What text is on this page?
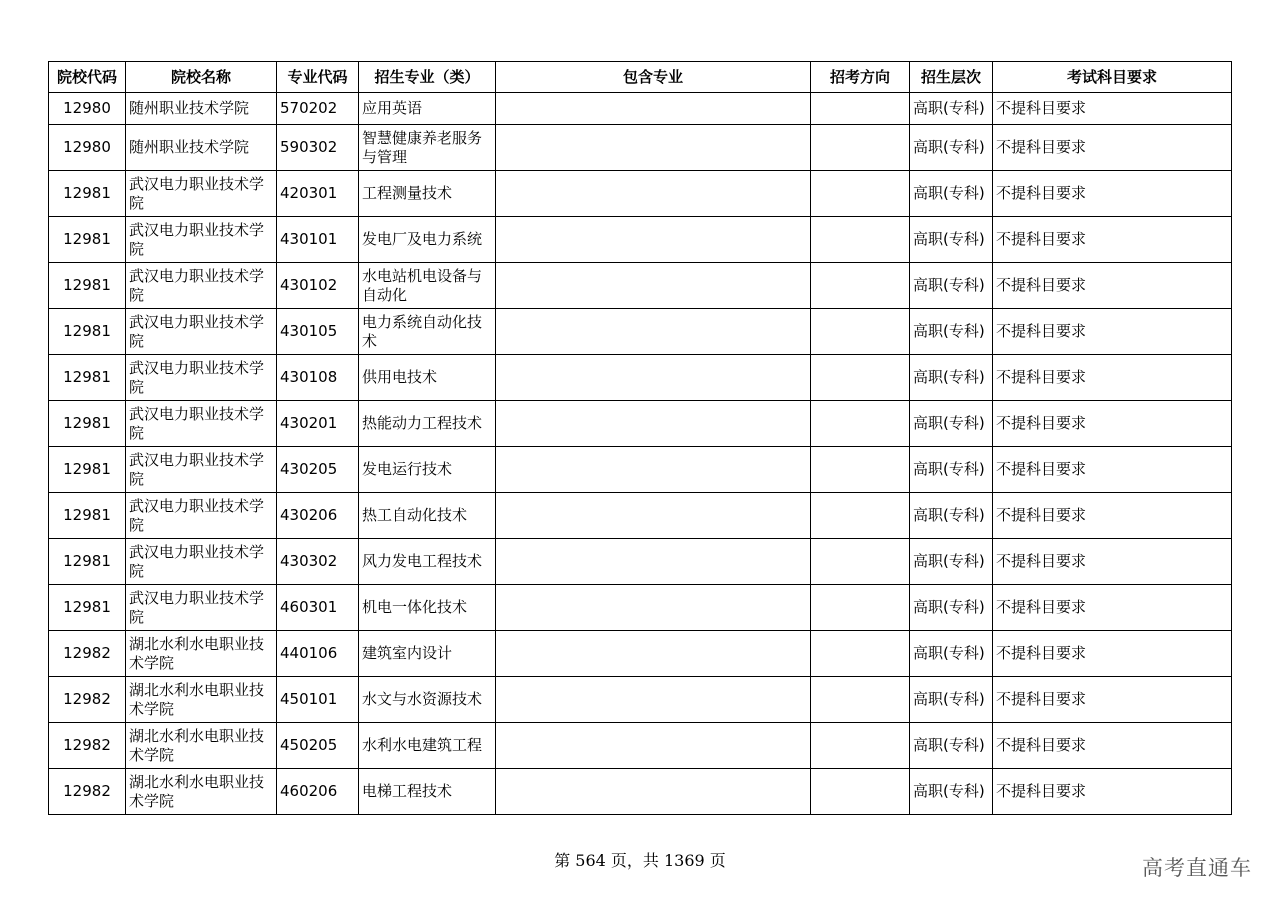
院校代码	院校名称	专业代码	招生专业（类）	包含专业	招考方向	招生层次	考试科目要求
12980	随州职业技术学院	570202	应用英语			高职(专科)	不提科目要求
12980	随州职业技术学院	590302	智慧健康养老服务与管理			高职(专科)	不提科目要求
12981	武汉电力职业技术学院	420301	工程测量技术			高职(专科)	不提科目要求
12981	武汉电力职业技术学院	430101	发电厂及电力系统			高职(专科)	不提科目要求
12981	武汉电力职业技术学院	430102	水电站机电设备与自动化			高职(专科)	不提科目要求
12981	武汉电力职业技术学院	430105	电力系统自动化技术			高职(专科)	不提科目要求
12981	武汉电力职业技术学院	430108	供用电技术			高职(专科)	不提科目要求
12981	武汉电力职业技术学院	430201	热能动力工程技术			高职(专科)	不提科目要求
12981	武汉电力职业技术学院	430205	发电运行技术			高职(专科)	不提科目要求
12981	武汉电力职业技术学院	430206	热工自动化技术			高职(专科)	不提科目要求
12981	武汉电力职业技术学院	430302	风力发电工程技术			高职(专科)	不提科目要求
12981	武汉电力职业技术学院	460301	机电一体化技术			高职(专科)	不提科目要求
12982	湖北水利水电职业技术学院	440106	建筑室内设计			高职(专科)	不提科目要求
12982	湖北水利水电职业技术学院	450101	水文与水资源技术			高职(专科)	不提科目要求
12982	湖北水利水电职业技术学院	450205	水利水电建筑工程			高职(专科)	不提科目要求
12982	湖北水利水电职业技术学院	460206	电梯工程技术			高职(专科)	不提科目要求
第 564 页，共 1369 页	高考直通车
